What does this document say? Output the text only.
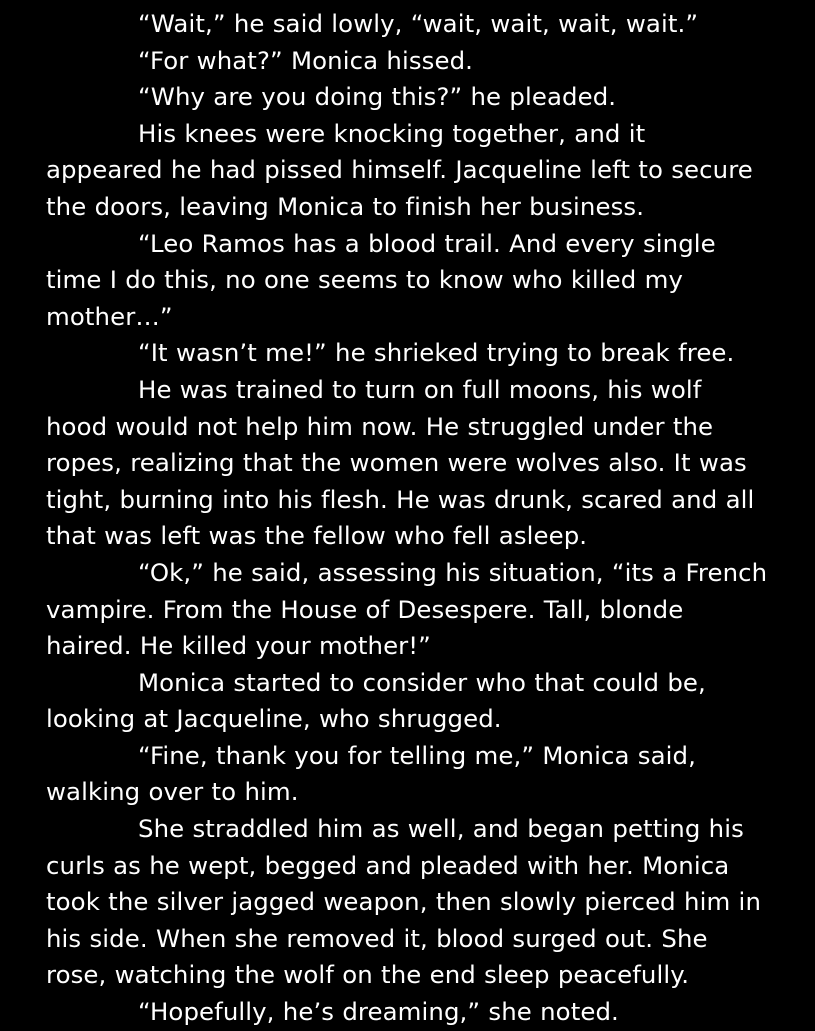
“Wait,” he said lowly, “wait, wait, wait, wait.”

“For what?” Monica hissed.

“Why are you doing this?” he pleaded.

His knees were knocking together, and it appeared he had pissed himself. Jacqueline left to secure the doors, leaving Monica to finish her business.

“Leo Ramos has a blood trail. And every single time I do this, no one seems to know who killed my mother…”

“It wasn’t me!” he shrieked trying to break free.

He was trained to turn on full moons, his wolf hood would not help him now. He struggled under the ropes, realizing that the women were wolves also. It was tight, burning into his flesh. He was drunk, scared and all that was left was the fellow who fell asleep.

“Ok,” he said, assessing his situation, “its a French vampire. From the House of Desespere. Tall, blonde haired. He killed your mother!”

Monica started to consider who that could be, looking at Jacqueline, who shrugged.

“Fine, thank you for telling me,” Monica said, walking over to him.

She straddled him as well, and began petting his curls as he wept, begged and pleaded with her. Monica took the silver jagged weapon, then slowly pierced him in his side. When she removed it, blood surged out. She rose, watching the wolf on the end sleep peacefully.

“Hopefully, he’s dreaming,” she noted.
